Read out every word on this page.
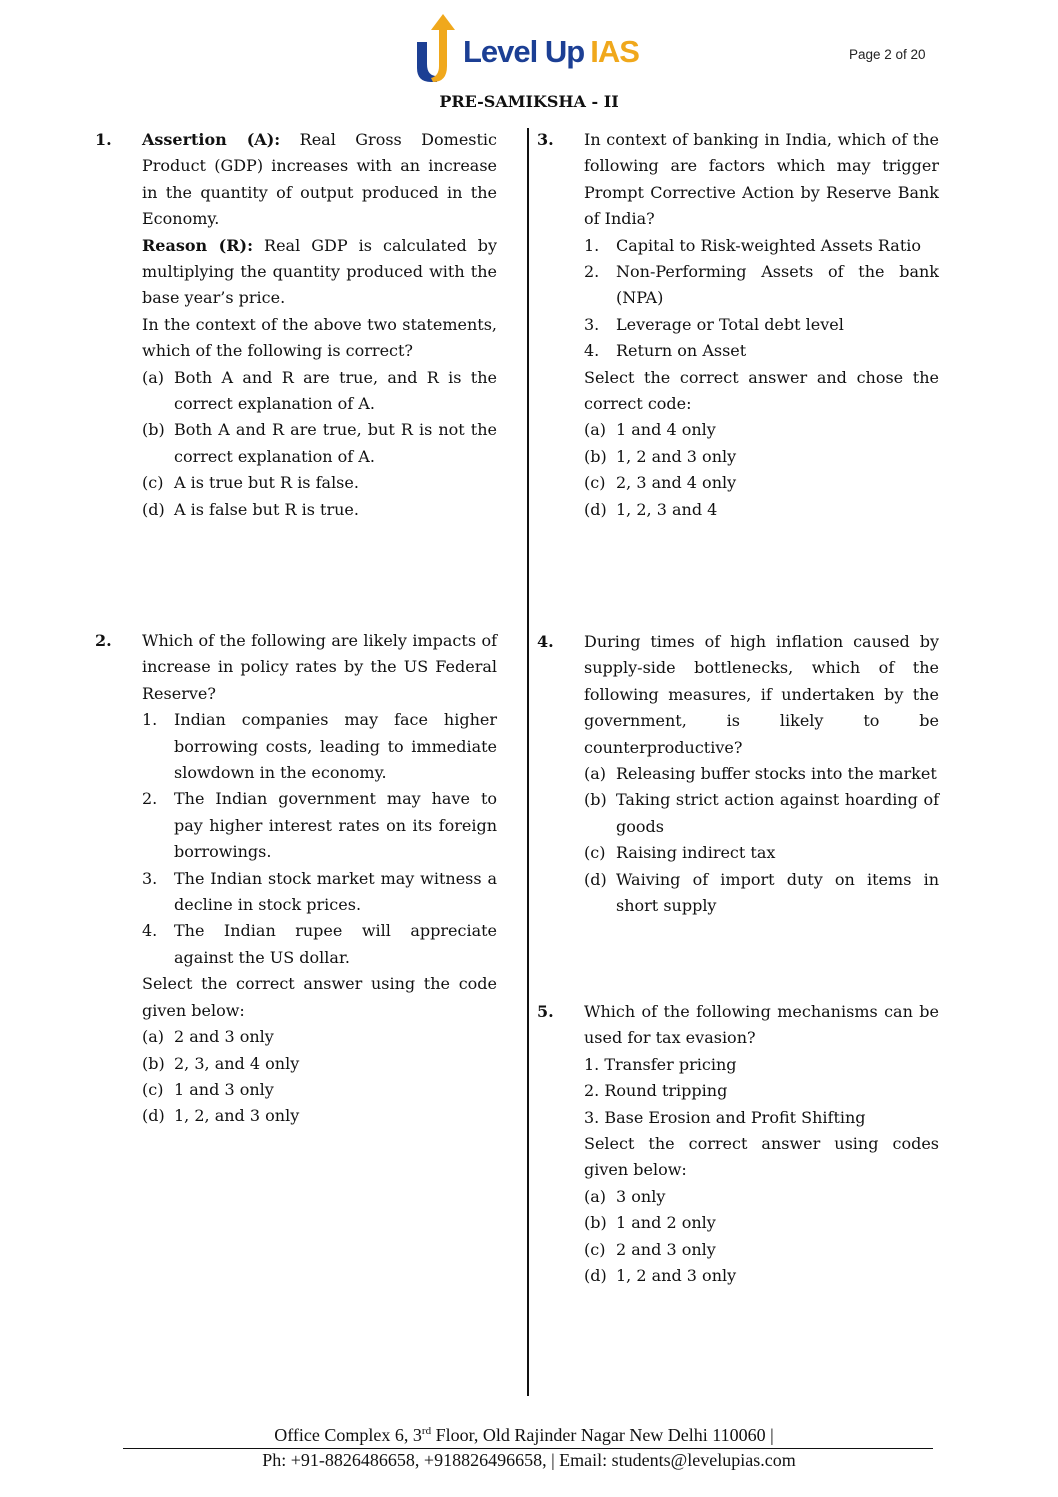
Level Up IAS	Page 2 of 20
PRE-SAMIKSHA - II
1. Assertion (A): Real Gross Domestic Product (GDP) increases with an increase in the quantity of output produced in the Economy.

Reason (R): Real GDP is calculated by multiplying the quantity produced with the base year’s price.

In the context of the above two statements, which of the following is correct?

(a) Both A and R are true, and R is the correct explanation of A.
(b) Both A and R are true, but R is not the correct explanation of A.
(c) A is true but R is false.
(d) A is false but R is true.
2. Which of the following are likely impacts of increase in policy rates by the US Federal Reserve?

1. Indian companies may face higher borrowing costs, leading to immediate slowdown in the economy.
2. The Indian government may have to pay higher interest rates on its foreign borrowings.
3. The Indian stock market may witness a decline in stock prices.
4. The Indian rupee will appreciate against the US dollar.

Select the correct answer using the code given below:

(a) 2 and 3 only
(b) 2, 3, and 4 only
(c) 1 and 3 only
(d) 1, 2, and 3 only
3. In context of banking in India, which of the following are factors which may trigger Prompt Corrective Action by Reserve Bank of India?

1. Capital to Risk-weighted Assets Ratio
2. Non-Performing Assets of the bank (NPA)
3. Leverage or Total debt level
4. Return on Asset

Select the correct answer and chose the correct code:

(a) 1 and 4 only
(b) 1, 2 and 3 only
(c) 2, 3 and 4 only
(d) 1, 2, 3 and 4
4. During times of high inflation caused by supply-side bottlenecks, which of the following measures, if undertaken by the government, is likely to be counterproductive?

(a) Releasing buffer stocks into the market
(b) Taking strict action against hoarding of goods
(c) Raising indirect tax
(d) Waiving of import duty on items in short supply
5. Which of the following mechanisms can be used for tax evasion?

1. Transfer pricing
2. Round tripping
3. Base Erosion and Profit Shifting

Select the correct answer using codes given below:

(a) 3 only
(b) 1 and 2 only
(c) 2 and 3 only
(d) 1, 2 and 3 only
Office Complex 6, 3rd Floor, Old Rajinder Nagar New Delhi 110060 |
Ph: +91-8826486658, +918826496658, | Email: students@levelupias.com
